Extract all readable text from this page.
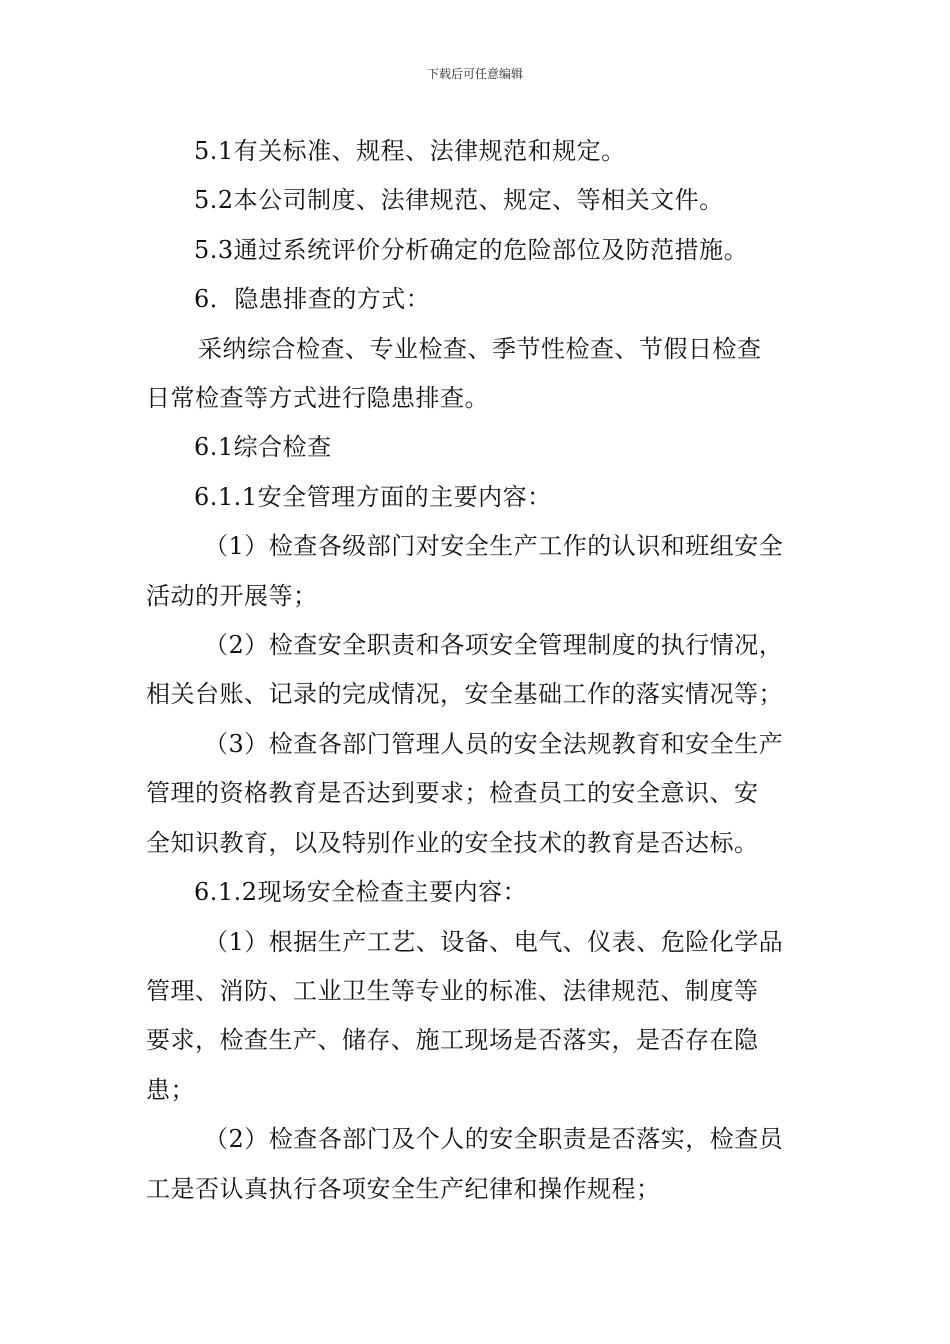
下载后可任意编辑

5.1有关标准、规程、法律规范和规定。

5.2本公司制度、法律规范、规定、等相关文件。

5.3通过系统评价分析确定的危险部位及防范措施。

6．隐患排查的方式：

采纳综合检查、专业检查、季节性检查、节假日检查

日常检查等方式进行隐患排查。

6.1综合检查

6.1.1安全管理方面的主要内容：

（1）检查各级部门对安全生产工作的认识和班组安全

活动的开展等；

（2）检查安全职责和各项安全管理制度的执行情况，

相关台账、记录的完成情况，安全基础工作的落实情况等；

（3）检查各部门管理人员的安全法规教育和安全生产

管理的资格教育是否达到要求；检查员工的安全意识、安

全知识教育，以及特别作业的安全技术的教育是否达标。

6.1.2现场安全检查主要内容：

（1）根据生产工艺、设备、电气、仪表、危险化学品

管理、消防、工业卫生等专业的标准、法律规范、制度等

要求，检查生产、储存、施工现场是否落实，是否存在隐

患；

（2）检查各部门及个人的安全职责是否落实，检查员

工是否认真执行各项安全生产纪律和操作规程；
